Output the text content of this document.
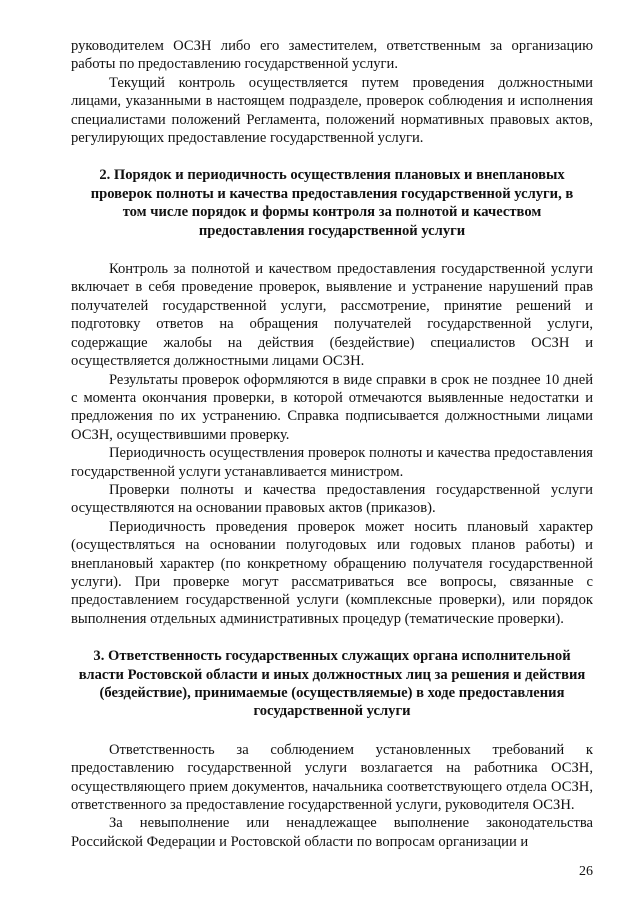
руководителем ОСЗН либо его заместителем, ответственным за организацию работы по предоставлению государственной услуги.

Текущий контроль осуществляется путем проведения должностными лицами, указанными в настоящем подразделе, проверок соблюдения и исполнения специалистами положений Регламента, положений нормативных правовых актов, регулирующих предоставление государственной услуги.

2. Порядок и периодичность осуществления плановых и внеплановых проверок полноты и качества предоставления государственной услуги, в том числе порядок и формы контроля за полнотой и качеством предоставления государственной услуги

Контроль за полнотой и качеством предоставления государственной услуги включает в себя проведение проверок, выявление и устранение нарушений прав получателей государственной услуги, рассмотрение, принятие решений и подготовку ответов на обращения получателей государственной услуги, содержащие жалобы на действия (бездействие) специалистов ОСЗН и осуществляется должностными лицами ОСЗН.

Результаты проверок оформляются в виде справки в срок не позднее 10 дней с момента окончания проверки, в которой отмечаются выявленные недостатки и предложения по их устранению. Справка подписывается должностными лицами ОСЗН, осуществившими проверку.

Периодичность осуществления проверок полноты и качества предоставления государственной услуги устанавливается министром.

Проверки полноты и качества предоставления государственной услуги осуществляются на основании правовых актов (приказов).

Периодичность проведения проверок может носить плановый характер (осуществляться на основании полугодовых или годовых планов работы) и внеплановый характер (по конкретному обращению получателя государственной услуги). При проверке могут рассматриваться все вопросы, связанные с предоставлением государственной услуги (комплексные проверки), или порядок выполнения отдельных административных процедур (тематические проверки).

3. Ответственность государственных служащих органа исполнительной власти Ростовской области и иных должностных лиц за решения и действия (бездействие), принимаемые (осуществляемые) в ходе предоставления государственной услуги

Ответственность за соблюдением установленных требований к предоставлению государственной услуги возлагается на работника ОСЗН, осуществляющего прием документов, начальника соответствующего отдела ОСЗН, ответственного за предоставление государственной услуги, руководителя ОСЗН.

За невыполнение или ненадлежащее выполнение законодательства Российской Федерации и Ростовской области по вопросам организации и

26
